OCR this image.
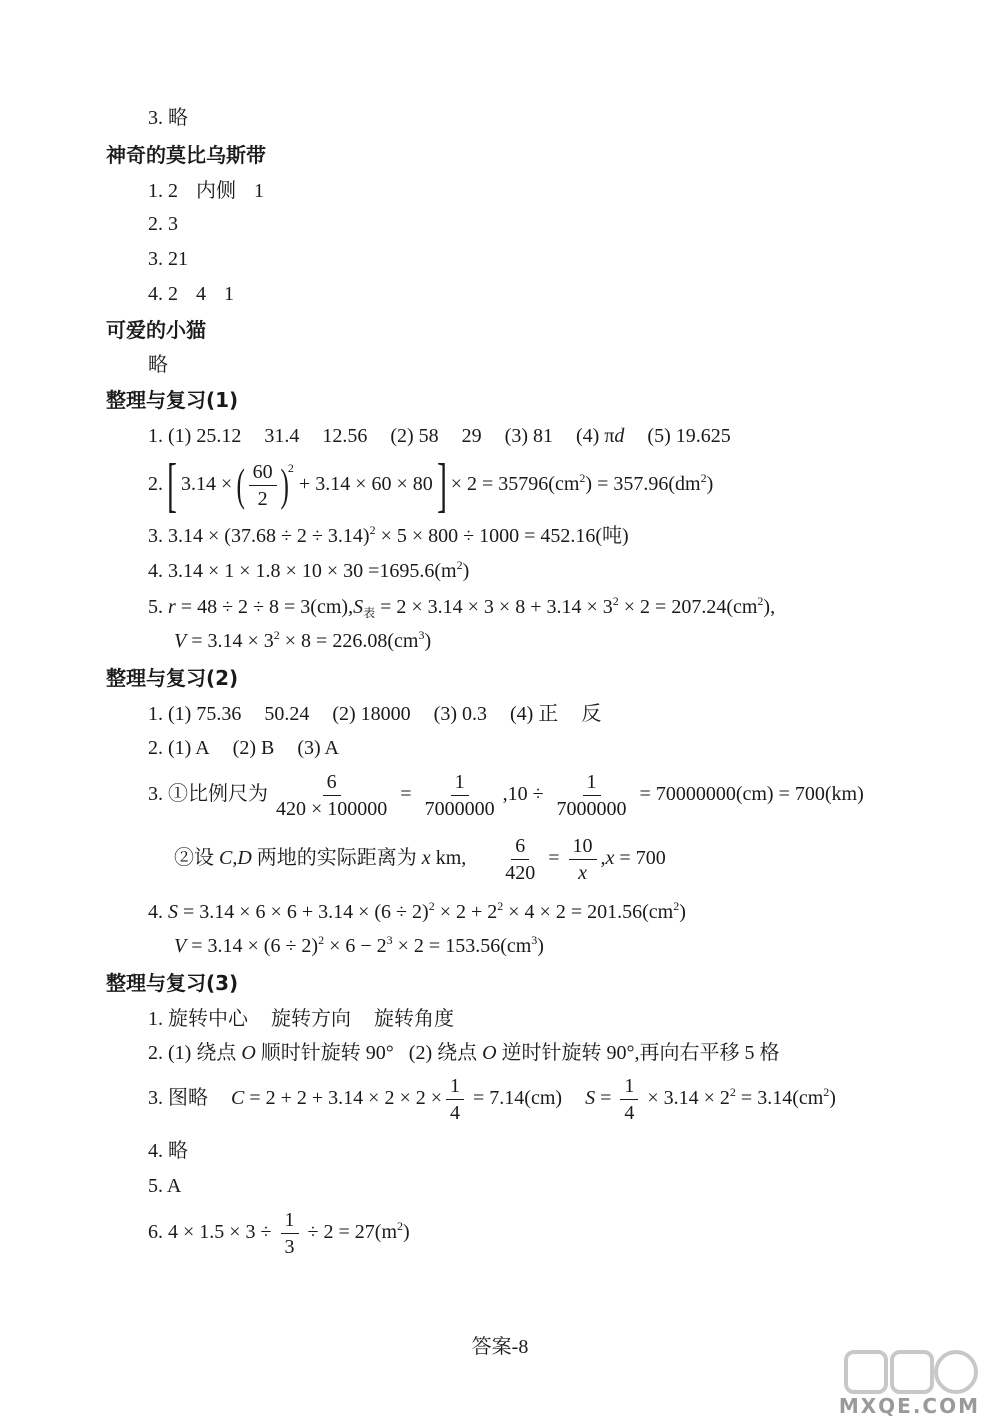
3. 略
神奇的莫比乌斯带
1. 2 内侧 1
2. 3
3. 21
4. 2 4 1
可爱的小猫
略
整理与复习(1)
1. (1) 25.12 31.4 12.56 (2) 58 29 (3) 81 (4) πd (5) 19.625
2. [ 3.14 × ( $\frac{60}{2} )^2 + 3.14 \times 60 \times 80$ ] × $2 = 35796(cm^2) = 357.96(dm^2)$
3. $3.14 \times (37.68 \div 2 \div 3.14)^2 \times 5 \times 800 \div 1000 = 452.16$(吨)
4. $3.14 \times 1 \times 1.8 \times 10 \times 30 =1695.6(m^2)$
5. $r = 48 \div 2 \div 8 = 3(cm),S_表 = 2 \times 3.14 \times 3 \times 8 + 3.14 \times 3^2 \times 2 = 207.24(cm^2)$,
$V = 3.14 \times 3^2 \times 8 = 226.08(cm^3)$
整理与复习(2)
1. (1) 75.36 50.24 (2) 18000 (3) 0.3 (4) 正 反
2. (1) A (2) B (3) A
3. ①比例尺为 $\frac{6}{420 \times 100000} = \frac{1}{7000000} ,10 \div \frac{1}{7000000} = 70000000(cm) = 700(km)$
②设 C,D 两地的实际距离为 x km, $\frac{6}{420} = \frac{10}{x} ,x = 700$
4. $S = 3.14 \times 6 \times 6 + 3.14 \times (6 \div 2)^2 \times 2 + 2^2 \times 4 \times 2 = 201.56(cm^2)$
$V = 3.14 \times (6 \div 2)^2 \times 6 - 2^3 \times 2 = 153.56(cm^3)$
整理与复习(3)
1. 旋转中心 旋转方向 旋转角度
2. (1) 绕点 O 顺时针旋转 90° (2) 绕点 O 逆时针旋转 90°,再向右平移 5 格
3. 图略 $C = 2 + 2 + 3.14 \times 2 \times 2 \times \frac{1}{4} = 7.14(cm) S = \frac{1}{4} \times 3.14 \times 2^2 = 3.14(cm^2)$
4. 略
5. A
6. $4 \times 1.5 \times 3 \div \frac{1}{3} \div 2 = 27(m^2)$
答案-8
MXQE.COM
